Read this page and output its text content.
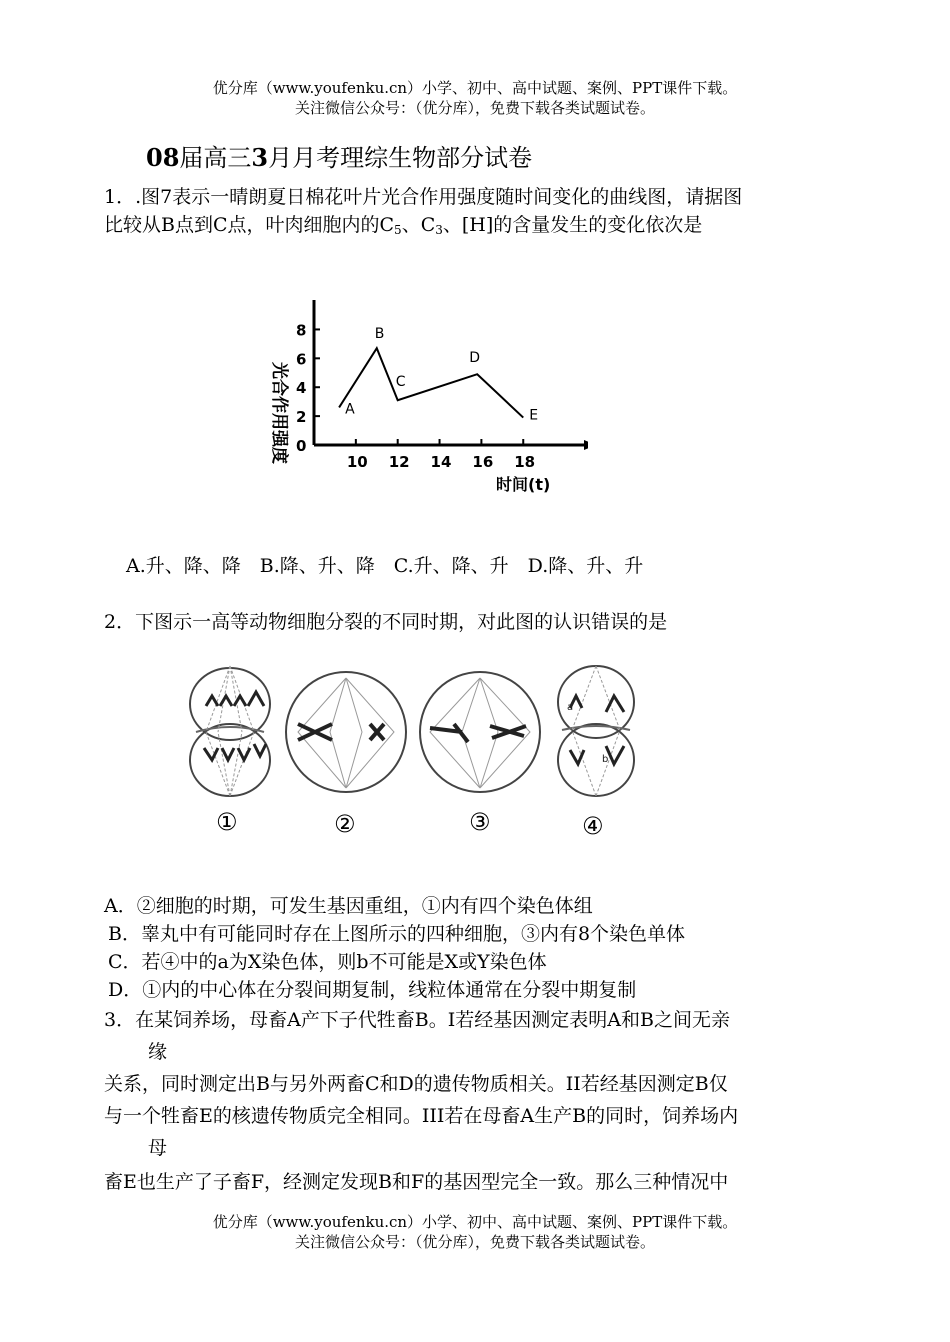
优分库（www.youfenku.cn）小学、初中、高中试题、案例、PPT课件下载。
关注微信公众号：（优分库），免费下载各类试题试卷。
08届高三3月月考理综生物部分试卷
1．.图7表示一晴朗夏日棉花叶片光合作用强度随时间变化的曲线图，请据图
比较从B点到C点，叶肉细胞内的$C_5$、$C_3$、[H]的含量发生的变化依次是
10 12 14 16 18
0
2
4
6
8
A
B
C
D
E
光合作用强度
时间(t)
A.升、降、降　B.降、升、降　C.升、降、升　D.降、升、升
2．下图示一高等动物细胞分裂的不同时期，对此图的认识错误的是
a
b
①	②	③	④
A．②细胞的时期，可发生基因重组，①内有四个染色体组
B．睾丸中有可能同时存在上图所示的四种细胞，③内有8个染色单体
C．若④中的a为X染色体，则b不可能是X或Y染色体
D．①内的中心体在分裂间期复制，线粒体通常在分裂中期复制
3．在某饲养场，母畜A产下子代牲畜B。I若经基因测定表明A和B之间无亲
缘
关系，同时测定出B与另外两畜C和D的遗传物质相关。II若经基因测定B仅
与一个牲畜E的核遗传物质完全相同。III若在母畜A生产B的同时，饲养场内
母
畜E也生产了子畜F，经测定发现B和F的基因型完全一致。那么三种情况中
优分库（www.youfenku.cn）小学、初中、高中试题、案例、PPT课件下载。
关注微信公众号：（优分库），免费下载各类试题试卷。
